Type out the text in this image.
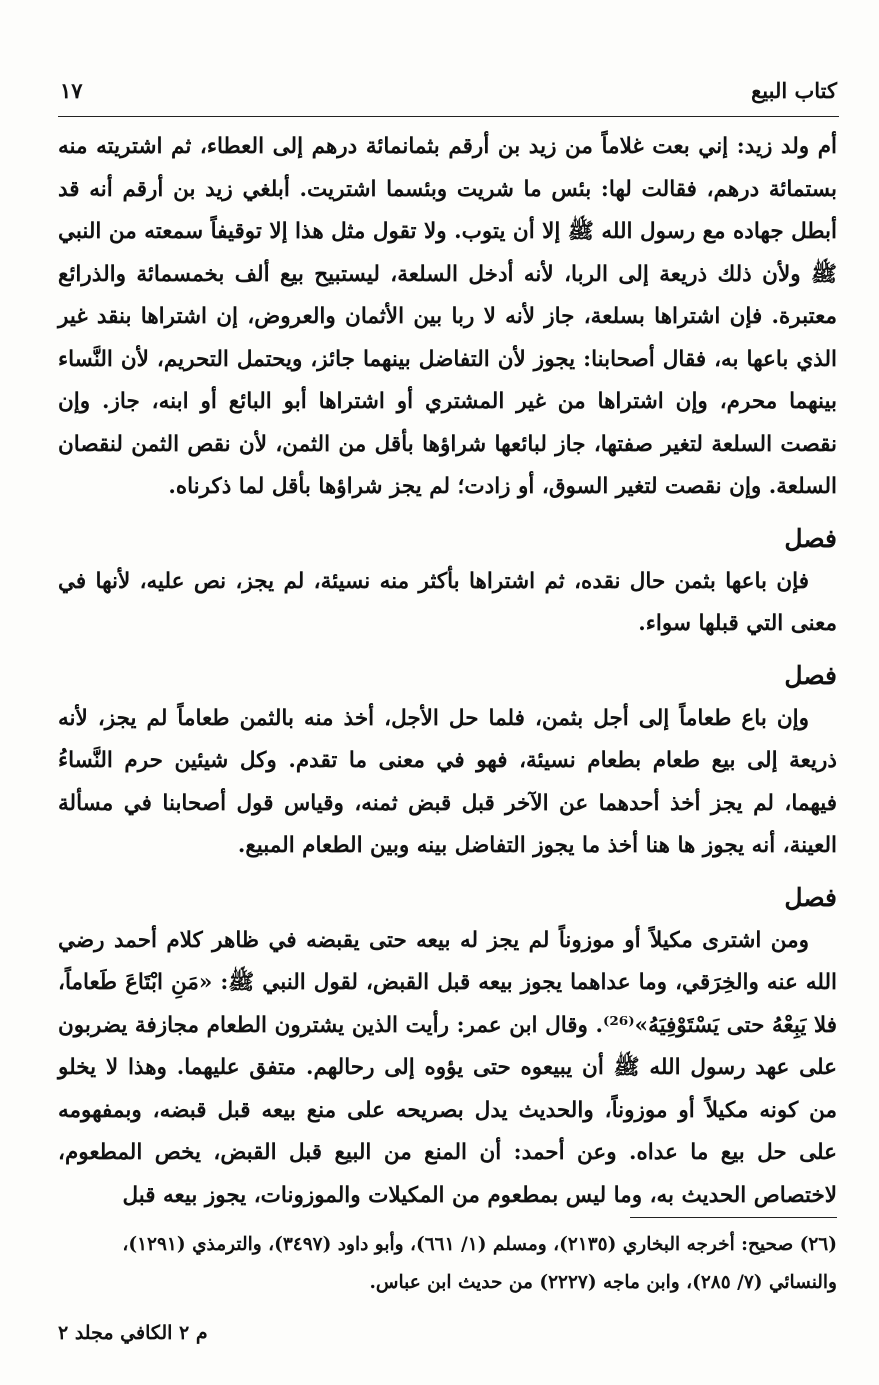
كتاب البيع
١٧

أم ولد زيد: إني بعت غلاماً من زيد بن أرقم بثمانمائة درهم إلى العطاء، ثم اشتريته منه بستمائة درهم، فقالت لها: بئس ما شريت وبئسما اشتريت. أبلغي زيد بن أرقم أنه قد أبطل جهاده مع رسول الله ﷺ إلا أن يتوب. ولا تقول مثل هذا إلا توقيفاً سمعته من النبي ﷺ ولأن ذلك ذريعة إلى الربا، لأنه أدخل السلعة، ليستبيح بيع ألف بخمسمائة والذرائع معتبرة. فإن اشتراها بسلعة، جاز لأنه لا ربا بين الأثمان والعروض، إن اشتراها بنقد غير الذي باعها به، فقال أصحابنا: يجوز لأن التفاضل بينهما جائز، ويحتمل التحريم، لأن النَّساء بينهما محرم، وإن اشتراها من غير المشتري أو اشتراها أبو البائع أو ابنه، جاز. وإن نقصت السلعة لتغير صفتها، جاز لبائعها شراؤها بأقل من الثمن، لأن نقص الثمن لنقصان السلعة. وإن نقصت لتغير السوق، أو زادت؛ لم يجز شراؤها بأقل لما ذكرناه.

فصل

فإن باعها بثمن حال نقده، ثم اشتراها بأكثر منه نسيئة، لم يجز، نص عليه، لأنها في معنى التي قبلها سواء.

فصل

وإن باع طعاماً إلى أجل بثمن، فلما حل الأجل، أخذ منه بالثمن طعاماً لم يجز، لأنه ذريعة إلى بيع طعام بطعام نسيئة، فهو في معنى ما تقدم. وكل شيئين حرم النَّساءُ فيهما، لم يجز أخذ أحدهما عن الآخر قبل قبض ثمنه، وقياس قول أصحابنا في مسألة العينة، أنه يجوز ها هنا أخذ ما يجوز التفاضل بينه وبين الطعام المبيع.

فصل

ومن اشترى مكيلاً أو موزوناً لم يجز له بيعه حتى يقبضه في ظاهر كلام أحمد رضي الله عنه والخِرَقي، وما عداهما يجوز بيعه قبل القبض، لقول النبي ﷺ: «مَنِ ابْتَاعَ طَعاماً، فلا يَبِعْهُ حتى يَسْتَوْفِيَهُ»⁽²⁶⁾. وقال ابن عمر: رأيت الذين يشترون الطعام مجازفة يضربون على عهد رسول الله ﷺ أن يبيعوه حتى يؤوه إلى رحالهم. متفق عليهما. وهذا لا يخلو من كونه مكيلاً أو موزوناً، والحديث يدل بصريحه على منع بيعه قبل قبضه، وبمفهومه على حل بيع ما عداه. وعن أحمد: أن المنع من البيع قبل القبض، يخص المطعوم، لاختصاص الحديث به، وما ليس بمطعوم من المكيلات والموزونات، يجوز بيعه قبل

(٢٦) صحيح: أخرجه البخاري (٢١٣٥)، ومسلم (١/ ٦٦١)، وأبو داود (٣٤٩٧)، والترمذي (١٢٩١)،

والنسائي (٧/ ٢٨٥)، وابن ماجه (٢٢٢٧) من حديث ابن عباس.

م ٢ الكافي مجلد ٢
